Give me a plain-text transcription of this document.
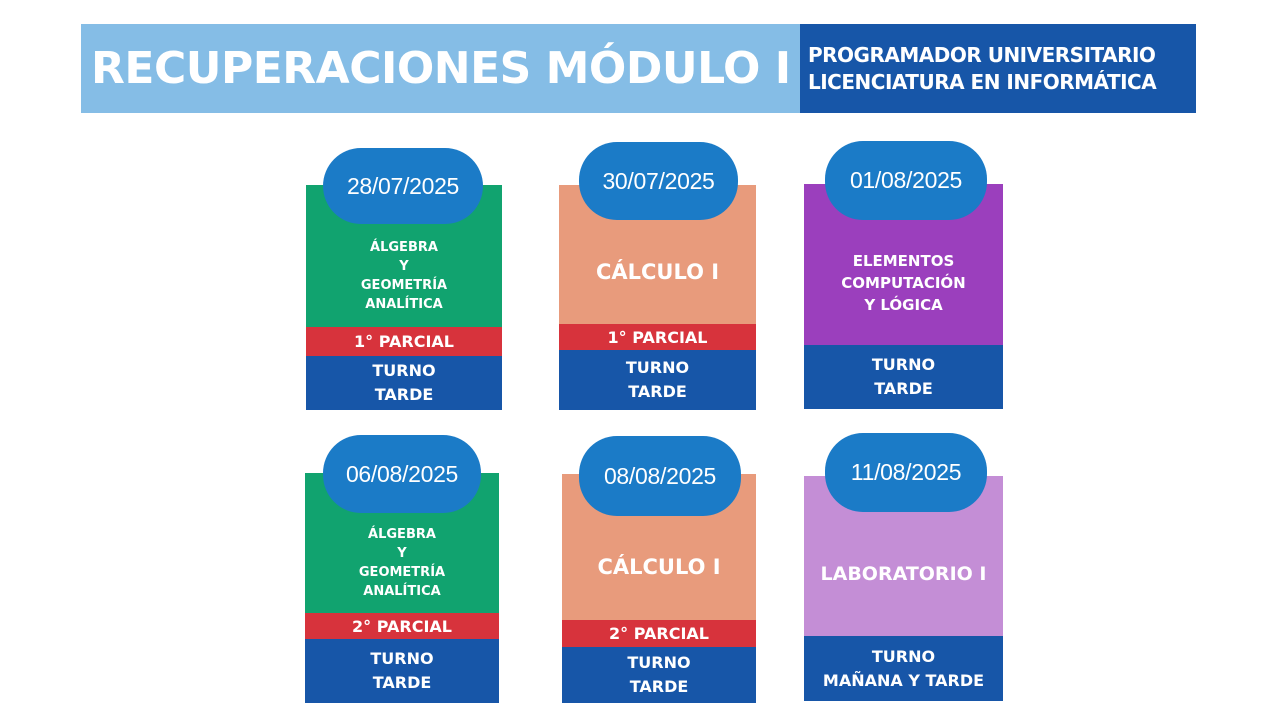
RECUPERACIONES MÓDULO I PROGRAMADOR UNIVERSITARIO
LICENCIATURA EN INFORMÁTICA
ÁLGEBRA
Y
GEOMETRÍA
ANALÍTICA
1° PARCIAL
TURNO
TARDE
28/07/2025
CÁLCULO I
1° PARCIAL
TURNO
TARDE
30/07/2025
ELEMENTOS
COMPUTACIÓN
Y LÓGICA
TURNO
TARDE
01/08/2025
ÁLGEBRA
Y
GEOMETRÍA
ANALÍTICA
2° PARCIAL
TURNO
TARDE
06/08/2025
CÁLCULO I
2° PARCIAL
TURNO
TARDE
08/08/2025
LABORATORIO I
TURNO
MAÑANA Y TARDE
11/08/2025
